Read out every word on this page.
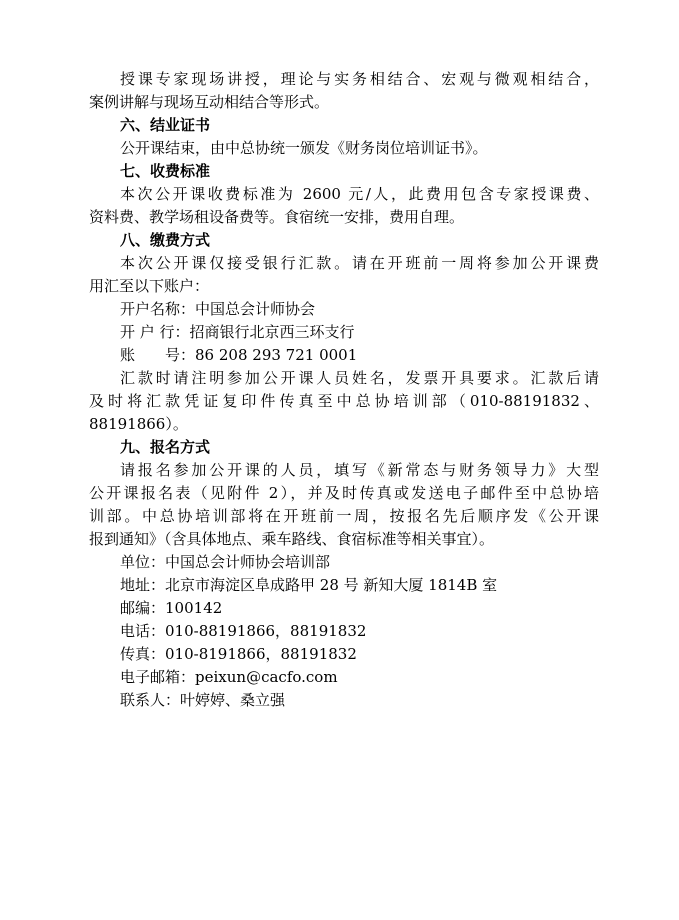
授课专家现场讲授，理论与实务相结合、宏观与微观相结合，
案例讲解与现场互动相结合等形式。
六、结业证书
公开课结束，由中总协统一颁发《财务岗位培训证书》。
七、收费标准
本次公开课收费标准为 2600 元/人，此费用包含专家授课费、
资料费、教学场租设备费等。食宿统一安排，费用自理。
八、缴费方式
本次公开课仅接受银行汇款。请在开班前一周将参加公开课费
用汇至以下账户：
开户名称：中国总会计师协会
开 户 行：招商银行北京西三环支行
账　　号：86 208 293 721 0001
汇款时请注明参加公开课人员姓名，发票开具要求。汇款后请
及时将汇款凭证复印件传真至中总协培训部（010-88191832、
88191866）。
九、报名方式
请报名参加公开课的人员，填写《新常态与财务领导力》大型
公开课报名表（见附件 2），并及时传真或发送电子邮件至中总协培
训部。中总协培训部将在开班前一周，按报名先后顺序发《公开课
报到通知》（含具体地点、乘车路线、食宿标准等相关事宜）。
单位：中国总会计师协会培训部
地址：北京市海淀区阜成路甲 28 号 新知大厦 1814B 室
邮编：100142
电话：010-88191866，88191832
传真：010-8191866，88191832
电子邮箱：peixun@cacfo.com
联系人：叶婷婷、桑立强
